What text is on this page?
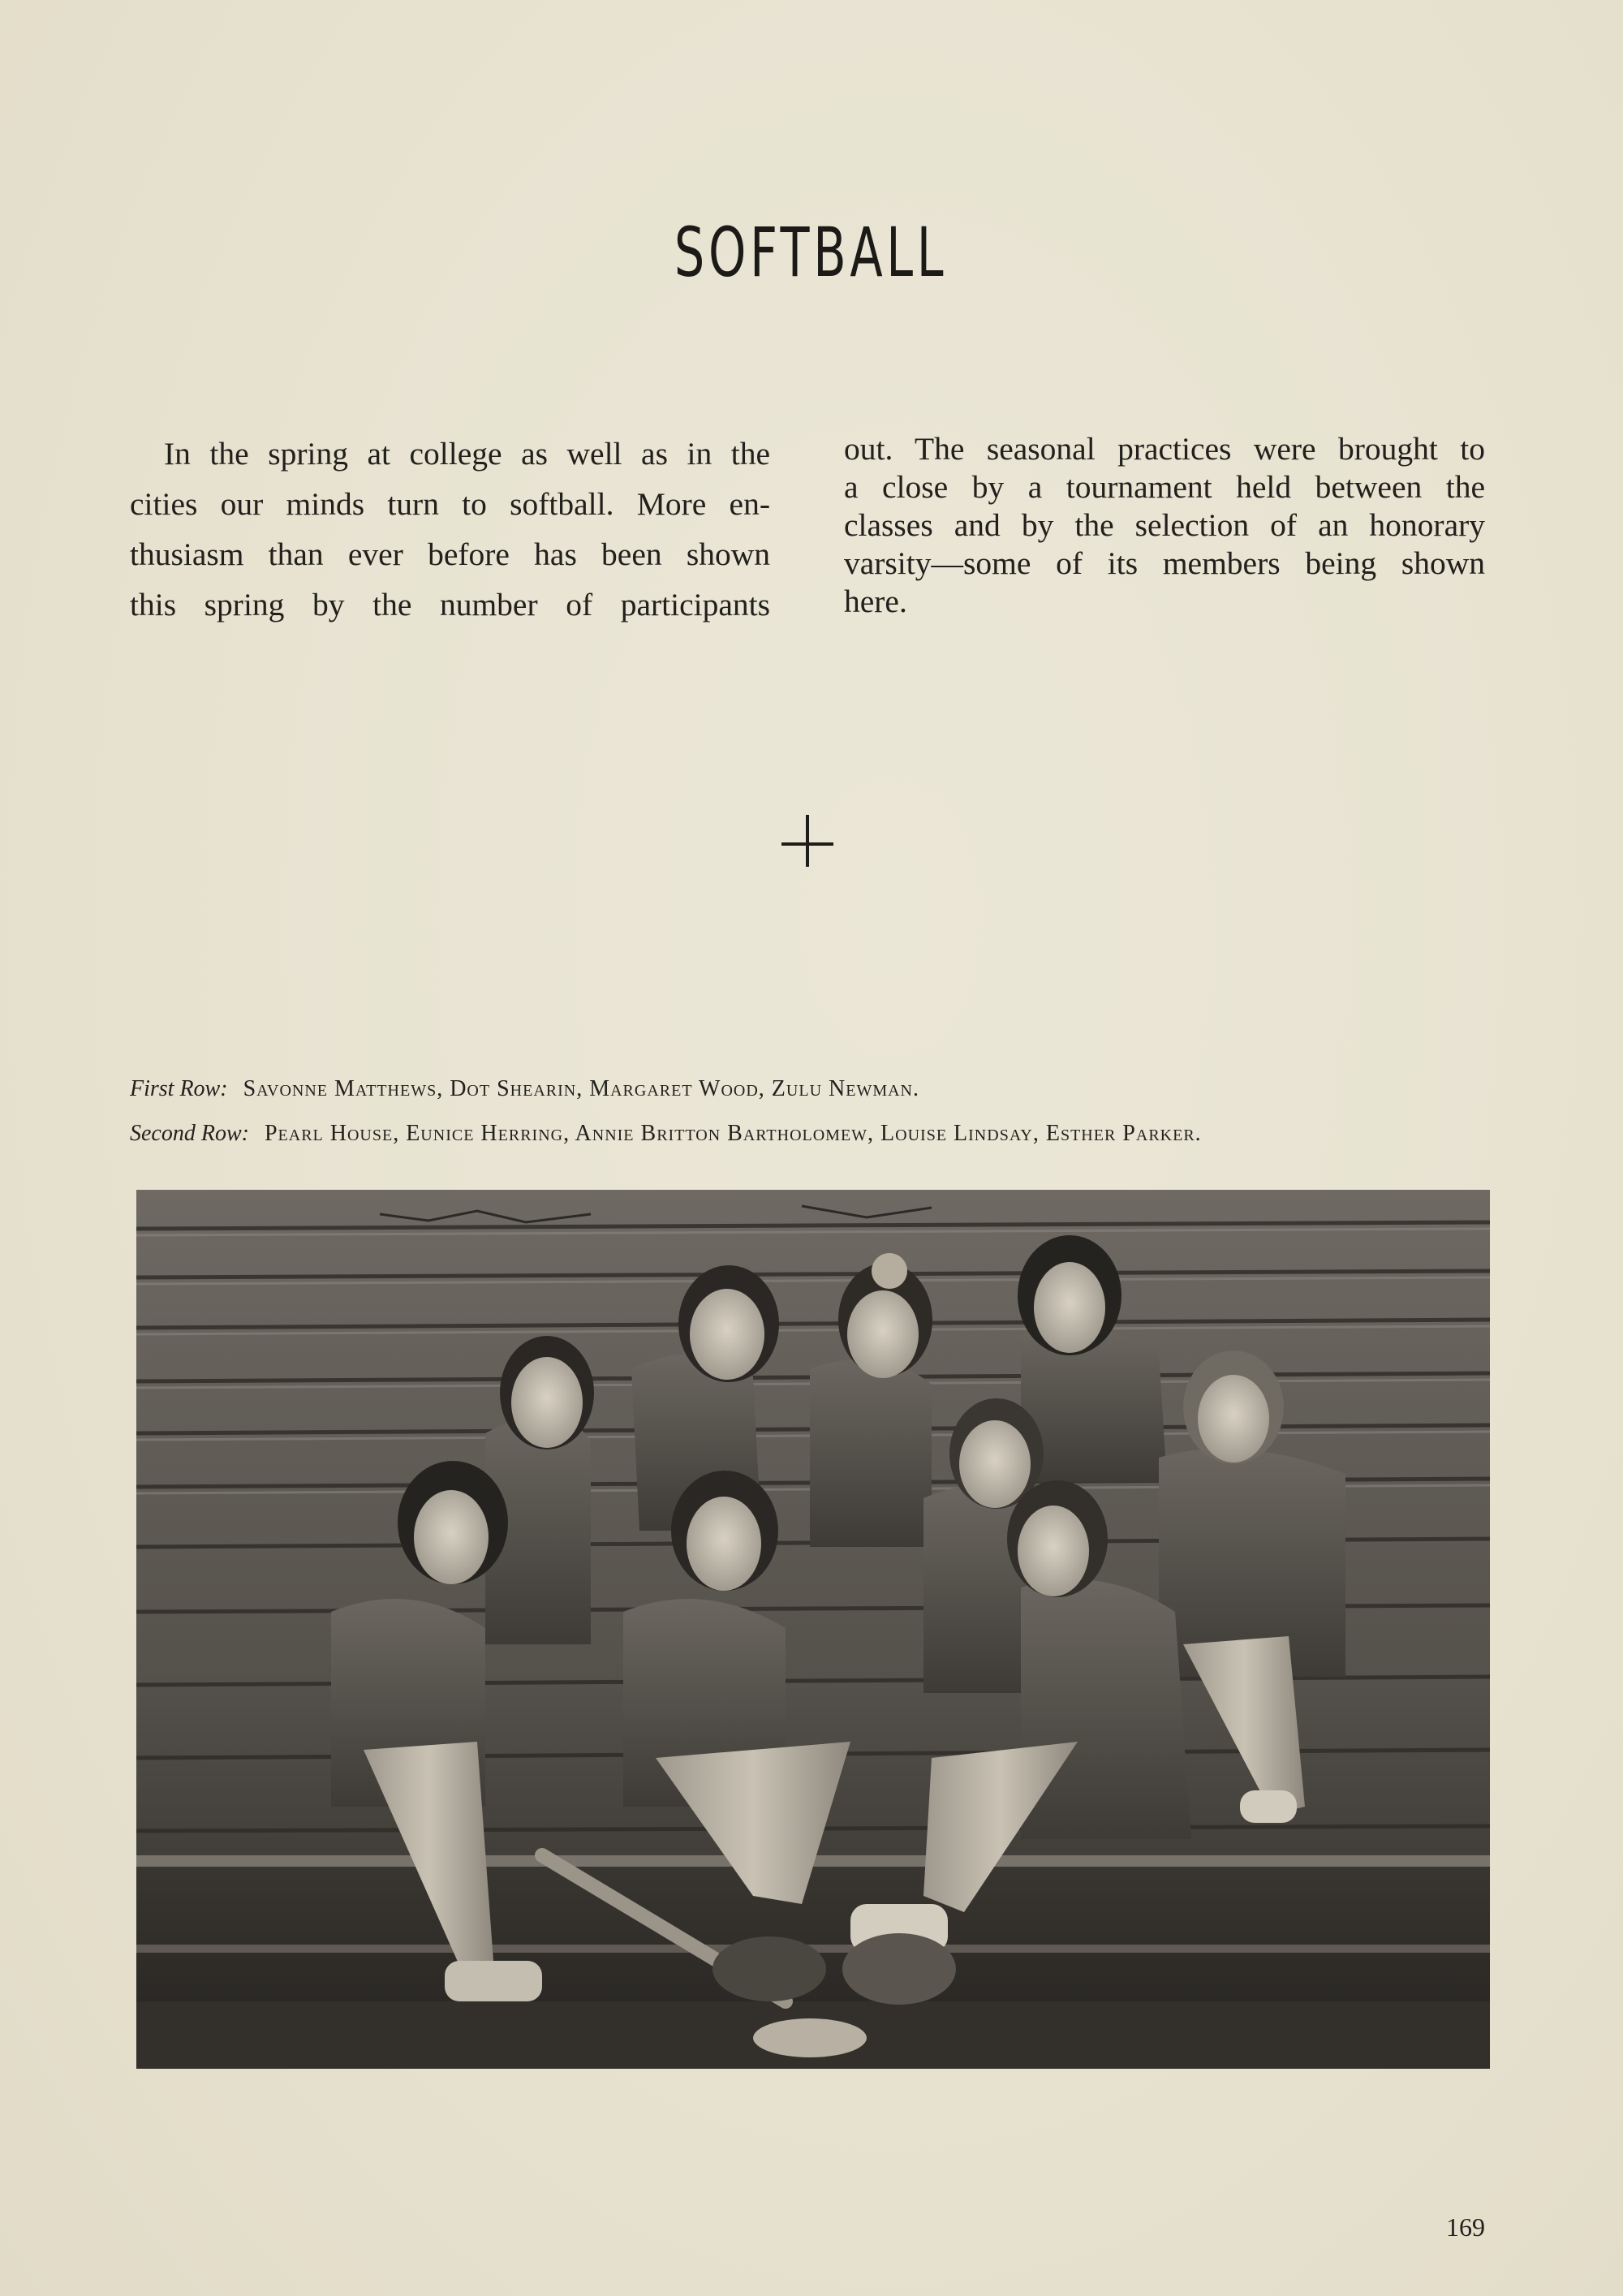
SOFTBALL
In the spring at college as well as in the
cities our minds turn to softball. More en-
thusiasm than ever before has been shown
this spring by the number of participants
out. The seasonal practices were brought to
a close by a tournament held between the
classes and by the selection of an honorary
varsity—some of its members being shown
here.
First Row: Savonne Matthews, Dot Shearin, Margaret Wood, Zulu Newman.
Second Row: Pearl House, Eunice Herring, Annie Britton Bartholomew, Louise Lindsay, Esther Parker.
169
